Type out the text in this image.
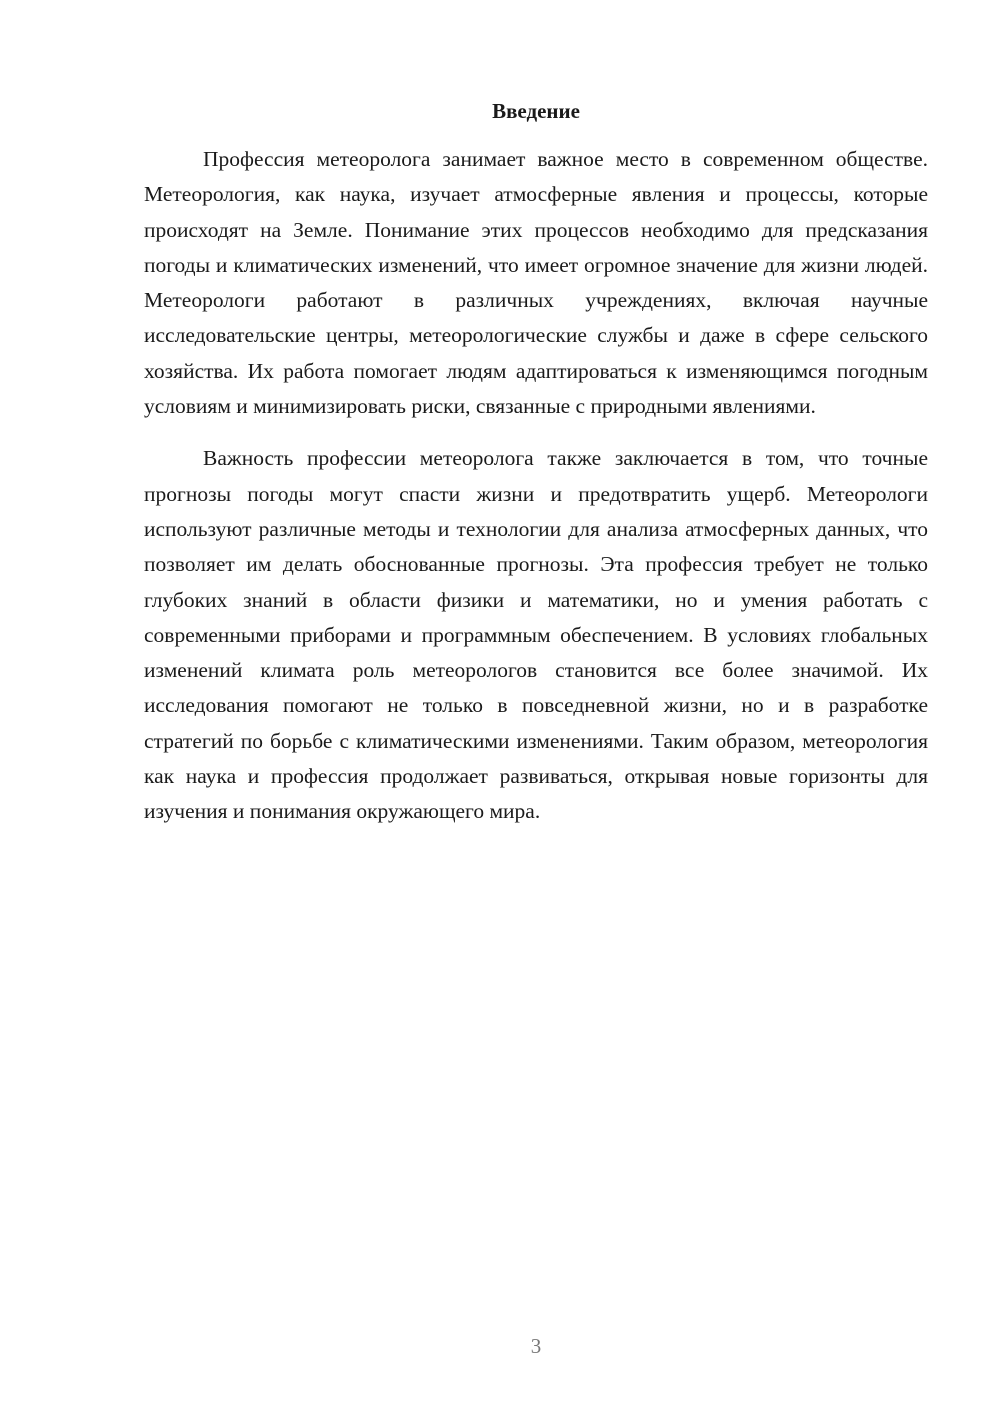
Введение

Профессия метеоролога занимает важное место в современном обществе. Метеорология, как наука, изучает атмосферные явления и процессы, которые происходят на Земле. Понимание этих процессов необходимо для предсказания погоды и климатических изменений, что имеет огромное значение для жизни людей. Метеорологи работают в различных учреждениях, включая научные исследовательские центры, метеорологические службы и даже в сфере сельского хозяйства. Их работа помогает людям адаптироваться к изменяющимся погодным условиям и минимизировать риски, связанные с природными явлениями.

Важность профессии метеоролога также заключается в том, что точные прогнозы погоды могут спасти жизни и предотвратить ущерб. Метеорологи используют различные методы и технологии для анализа атмосферных данных, что позволяет им делать обоснованные прогнозы. Эта профессия требует не только глубоких знаний в области физики и математики, но и умения работать с современными приборами и программным обеспечением. В условиях глобальных изменений климата роль метеорологов становится все более значимой. Их исследования помогают не только в повседневной жизни, но и в разработке стратегий по борьбе с климатическими изменениями. Таким образом, метеорология как наука и профессия продолжает развиваться, открывая новые горизонты для изучения и понимания окружающего мира.

3
